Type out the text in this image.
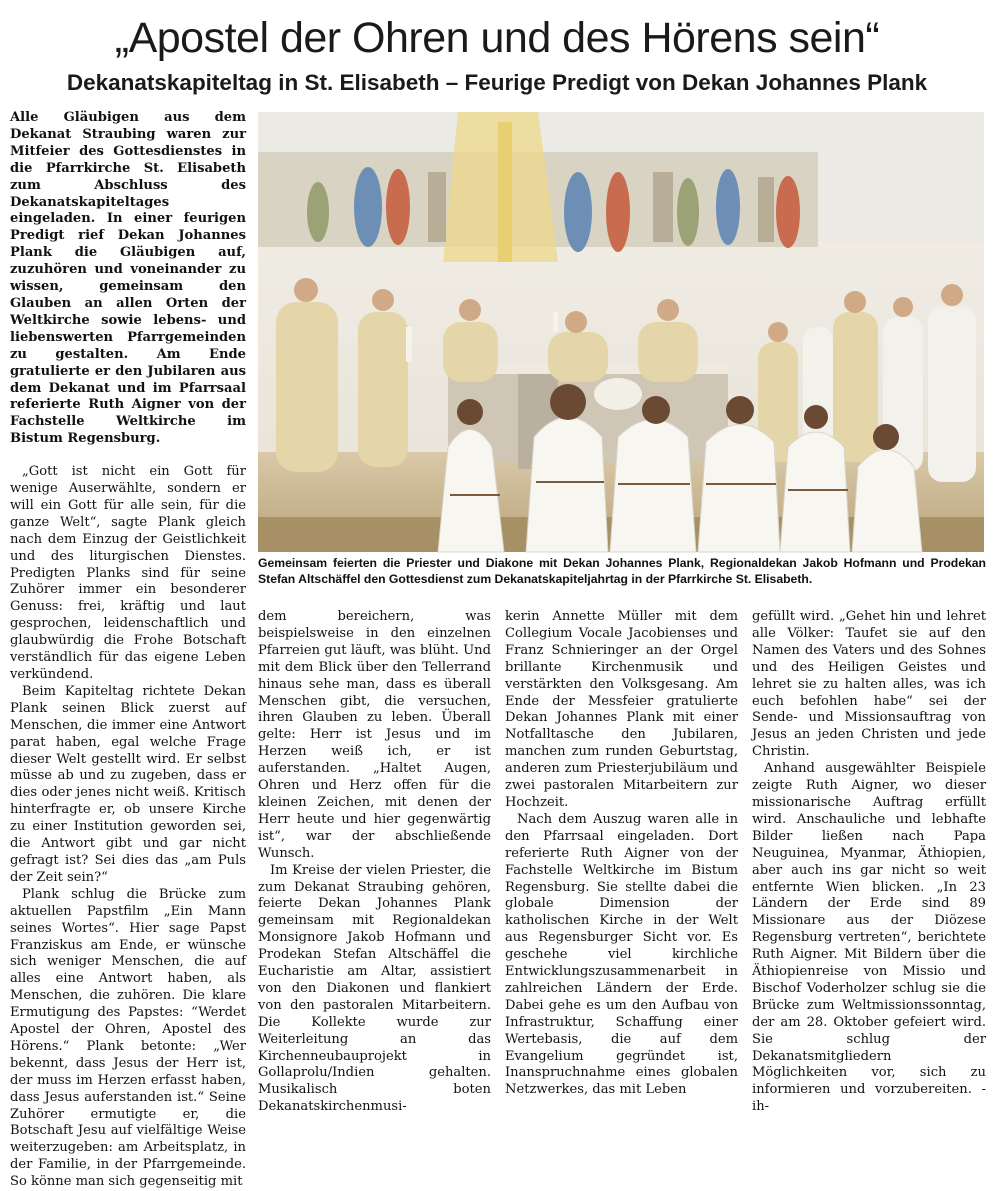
„Apostel der Ohren und des Hörens sein“
Dekanatskapiteltag in St. Elisabeth – Feurige Predigt von Dekan Johannes Plank

Alle Gläubigen aus dem Dekanat Straubing waren zur Mitfeier des Gottesdienstes in die Pfarrkirche St. Elisabeth zum Abschluss des Dekanatskapiteltages eingeladen. In einer feurigen Predigt rief Dekan Johannes Plank die Gläubigen auf, zuzuhören und voneinander zu wissen, gemeinsam den Glauben an allen Orten der Weltkirche sowie lebens- und liebenswerten Pfarrgemeinden zu gestalten. Am Ende gratulierte er den Jubilaren aus dem Dekanat und im Pfarrsaal referierte Ruth Aigner von der Fachstelle Weltkirche im Bistum Regensburg.

„Gott ist nicht ein Gott für wenige Auserwählte, sondern er will ein Gott für alle sein, für die ganze Welt“, sagte Plank gleich nach dem Einzug der Geistlichkeit und des liturgischen Dienstes. Predigten Planks sind für seine Zuhörer immer ein besonderer Genuss: frei, kräftig und laut gesprochen, leidenschaftlich und glaubwürdig die Frohe Botschaft verständlich für das eigene Leben verkündend.

Beim Kapiteltag richtete Dekan Plank seinen Blick zuerst auf Menschen, die immer eine Antwort parat haben, egal welche Frage dieser Welt gestellt wird. Er selbst müsse ab und zu zugeben, dass er dies oder jenes nicht weiß. Kritisch hinterfragte er, ob unsere Kirche zu einer Institution geworden sei, die Antwort gibt und gar nicht gefragt ist? Sei dies das „am Puls der Zeit sein?“

Plank schlug die Brücke zum aktuellen Papstfilm „Ein Mann seines Wortes“. Hier sage Papst Franziskus am Ende, er wünsche sich weniger Menschen, die auf alles eine Antwort haben, als Menschen, die zuhören. Die klare Ermutigung des Papstes: “Werdet Apostel der Ohren, Apostel des Hörens.“ Plank betonte: „Wer bekennt, dass Jesus der Herr ist, der muss im Herzen erfasst haben, dass Jesus auferstanden ist.“ Seine Zuhörer ermutigte er, die Botschaft Jesu auf vielfältige Weise weiterzugeben: am Arbeitsplatz, in der Familie, in der Pfarrgemeinde. So könne man sich gegenseitig mit

Gemeinsam feierten die Priester und Diakone mit Dekan Johannes Plank, Regionaldekan Jakob Hofmann und Prodekan Stefan Altschäffel den Gottesdienst zum Dekanatskapiteljahrtag in der Pfarrkirche St. Elisabeth.

dem bereichern, was beispielsweise in den einzelnen Pfarreien gut läuft, was blüht. Und mit dem Blick über den Tellerrand hinaus sehe man, dass es überall Menschen gibt, die versuchen, ihren Glauben zu leben. Überall gelte: Herr ist Jesus und im Herzen weiß ich, er ist auferstanden. „Haltet Augen, Ohren und Herz offen für die kleinen Zeichen, mit denen der Herr heute und hier gegenwärtig ist“, war der abschließende Wunsch.

Im Kreise der vielen Priester, die zum Dekanat Straubing gehören, feierte Dekan Johannes Plank gemeinsam mit Regionaldekan Monsignore Jakob Hofmann und Prodekan Stefan Altschäffel die Eucharistie am Altar, assistiert von den Diakonen und flankiert von den pastoralen Mitarbeitern. Die Kollekte wurde zur Weiterleitung an das Kirchenneubauprojekt in Gollaprolu/Indien gehalten. Musikalisch boten Dekanatskirchenmusi-

kerin Annette Müller mit dem Collegium Vocale Jacobienses und Franz Schnieringer an der Orgel brillante Kirchenmusik und verstärkten den Volksgesang. Am Ende der Messfeier gratulierte Dekan Johannes Plank mit einer Notfalltasche den Jubilaren, manchen zum runden Geburtstag, anderen zum Priesterjubiläum und zwei pastoralen Mitarbeitern zur Hochzeit.

Nach dem Auszug waren alle in den Pfarrsaal eingeladen. Dort referierte Ruth Aigner von der Fachstelle Weltkirche im Bistum Regensburg. Sie stellte dabei die globale Dimension der katholischen Kirche in der Welt aus Regensburger Sicht vor. Es geschehe viel kirchliche Entwicklungszusammenarbeit in zahlreichen Ländern der Erde. Dabei gehe es um den Aufbau von Infrastruktur, Schaffung einer Wertebasis, die auf dem Evangelium gegründet ist, Inanspruchnahme eines globalen Netzwerkes, das mit Leben

gefüllt wird. „Gehet hin und lehret alle Völker: Taufet sie auf den Namen des Vaters und des Sohnes und des Heiligen Geistes und lehret sie zu halten alles, was ich euch befohlen habe“ sei der Sende- und Missionsauftrag von Jesus an jeden Christen und jede Christin.

Anhand ausgewählter Beispiele zeigte Ruth Aigner, wo dieser missionarische Auftrag erfüllt wird. Anschauliche und lebhafte Bilder ließen nach Papa Neuguinea, Myanmar, Äthiopien, aber auch ins gar nicht so weit entfernte Wien blicken. „In 23 Ländern der Erde sind 89 Missionare aus der Diözese Regensburg vertreten“, berichtete Ruth Aigner. Mit Bildern über die Äthiopienreise von Missio und Bischof Voderholzer schlug sie die Brücke zum Weltmissionssonntag, der am 28. Oktober gefeiert wird. Sie schlug der Dekanatsmitgliedern Möglichkeiten vor, sich zu informieren und vorzubereiten. -ih-
